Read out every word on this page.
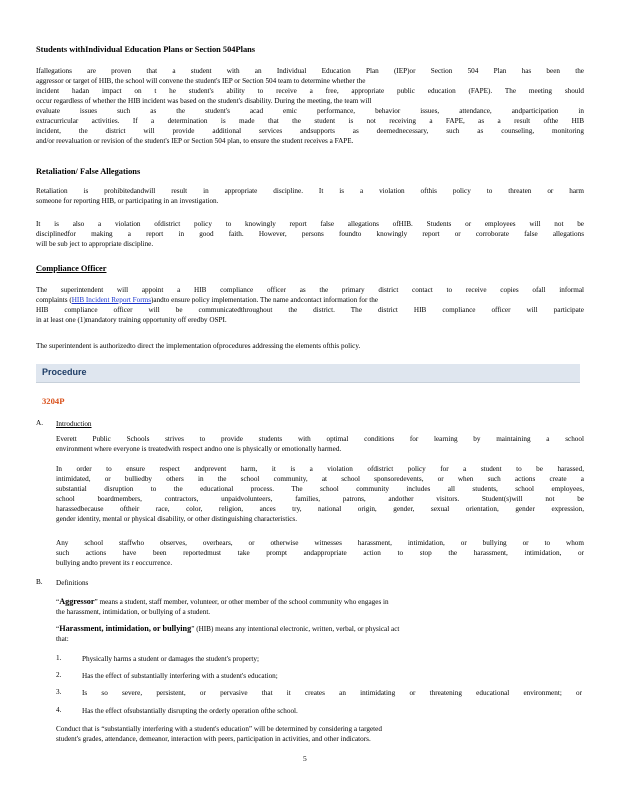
Students withIndividual Education Plans or Section 504Plans
Ifallegations are proven that a student with an Individual Education Plan (IEP)or Section 504 Plan has been the
aggressor or target of HIB, the school will convene the student's IEP or Section 504 team to determine whether the
incident hadan impact on t he student's ability to receive a free, appropriate public education (FAPE). The meeting should
occur regardless of whether the HIB incident was based on the student's disability. During the meeting, the team will
evaluate issues such as the student's acad emic performance, behavior issues, attendance, andparticipation in
extracurricular activities. If a determination is made that the student is not receiving a FAPE, as a result ofthe HIB
incident, the district will provide additional services andsupports as deemednecessary, such as counseling, monitoring
and/or reevaluation or revision of the student's IEP or Section 504 plan, to ensure the student receives a FAPE.
Retaliation/ False Allegations
Retaliation is prohibitedandwill result in appropriate discipline. It is a violation ofthis policy to threaten or harm
someone for reporting HIB, or participating in an investigation.
It is also a violation ofdistrict policy to knowingly report false allegations ofHIB. Students or employees will not be
disciplinedfor making a report in good faith. However, persons foundto knowingly report or corroborate false allegations
will be sub ject to appropriate discipline.
Compliance Officer
The superintendent will appoint a HIB compliance officer as the primary district contact to receive copies ofall informal
complaints (HIB Incident Report Forms)andto ensure policy implementation. The name andcontact information for the
HIB compliance officer will be communicatedthroughout the district. The district HIB compliance officer will participate
in at least one (1)mandatory training opportunity off eredby OSPI.
The superintendent is authorizedto direct the implementation ofprocedures addressing the elements ofthis policy.
Procedure
3204P
A. Introduction
Everett Public Schools strives to provide students with optimal conditions for learning by maintaining a school
environment where everyone is treatedwith respect andno one is physically or emotionally harmed.
In order to ensure respect andprevent harm, it is a violation ofdistrict policy for a student to be harassed,
intimidated, or bulliedby others in the school community, at school sponsoredevents, or when such actions create a
substantial disruption to the educational process. The school community includes all students, school employees,
school boardmembers, contractors, unpaidvolunteers, families, patrons, andother visitors. Student(s)will not be
harassedbecause oftheir race, color, religion, ances try, national origin, gender, sexual orientation, gender expression,
gender identity, mental or physical disability, or other distinguishing characteristics.
Any school staffwho observes, overhears, or otherwise witnesses harassment, intimidation, or bullying or to whom
such actions have been reportedmust take prompt andappropriate action to stop the harassment, intimidation, or
bullying andto prevent its r eoccurrence.
B. Definitions
“Aggressor” means a student, staff member, volunteer, or other member of the school community who engages in
the harassment, intimidation, or bullying of a student.
“Harassment, intimidation, or bullying” (HIB) means any intentional electronic, written, verbal, or physical act
that:
1.	Physically harms a student or damages the student's property;
2.	Has the effect of substantially interfering with a student's education;
3.	Is so severe, persistent, or pervasive that it creates an intimidating or threatening educational environment; or
4.	Has the effect ofsubstantially disrupting the orderly operation ofthe school.
Conduct that is “substantially interfering with a student's education” will be determined by considering a targeted
student's grades, attendance, demeanor, interaction with peers, participation in activities, and other indicators.
5
